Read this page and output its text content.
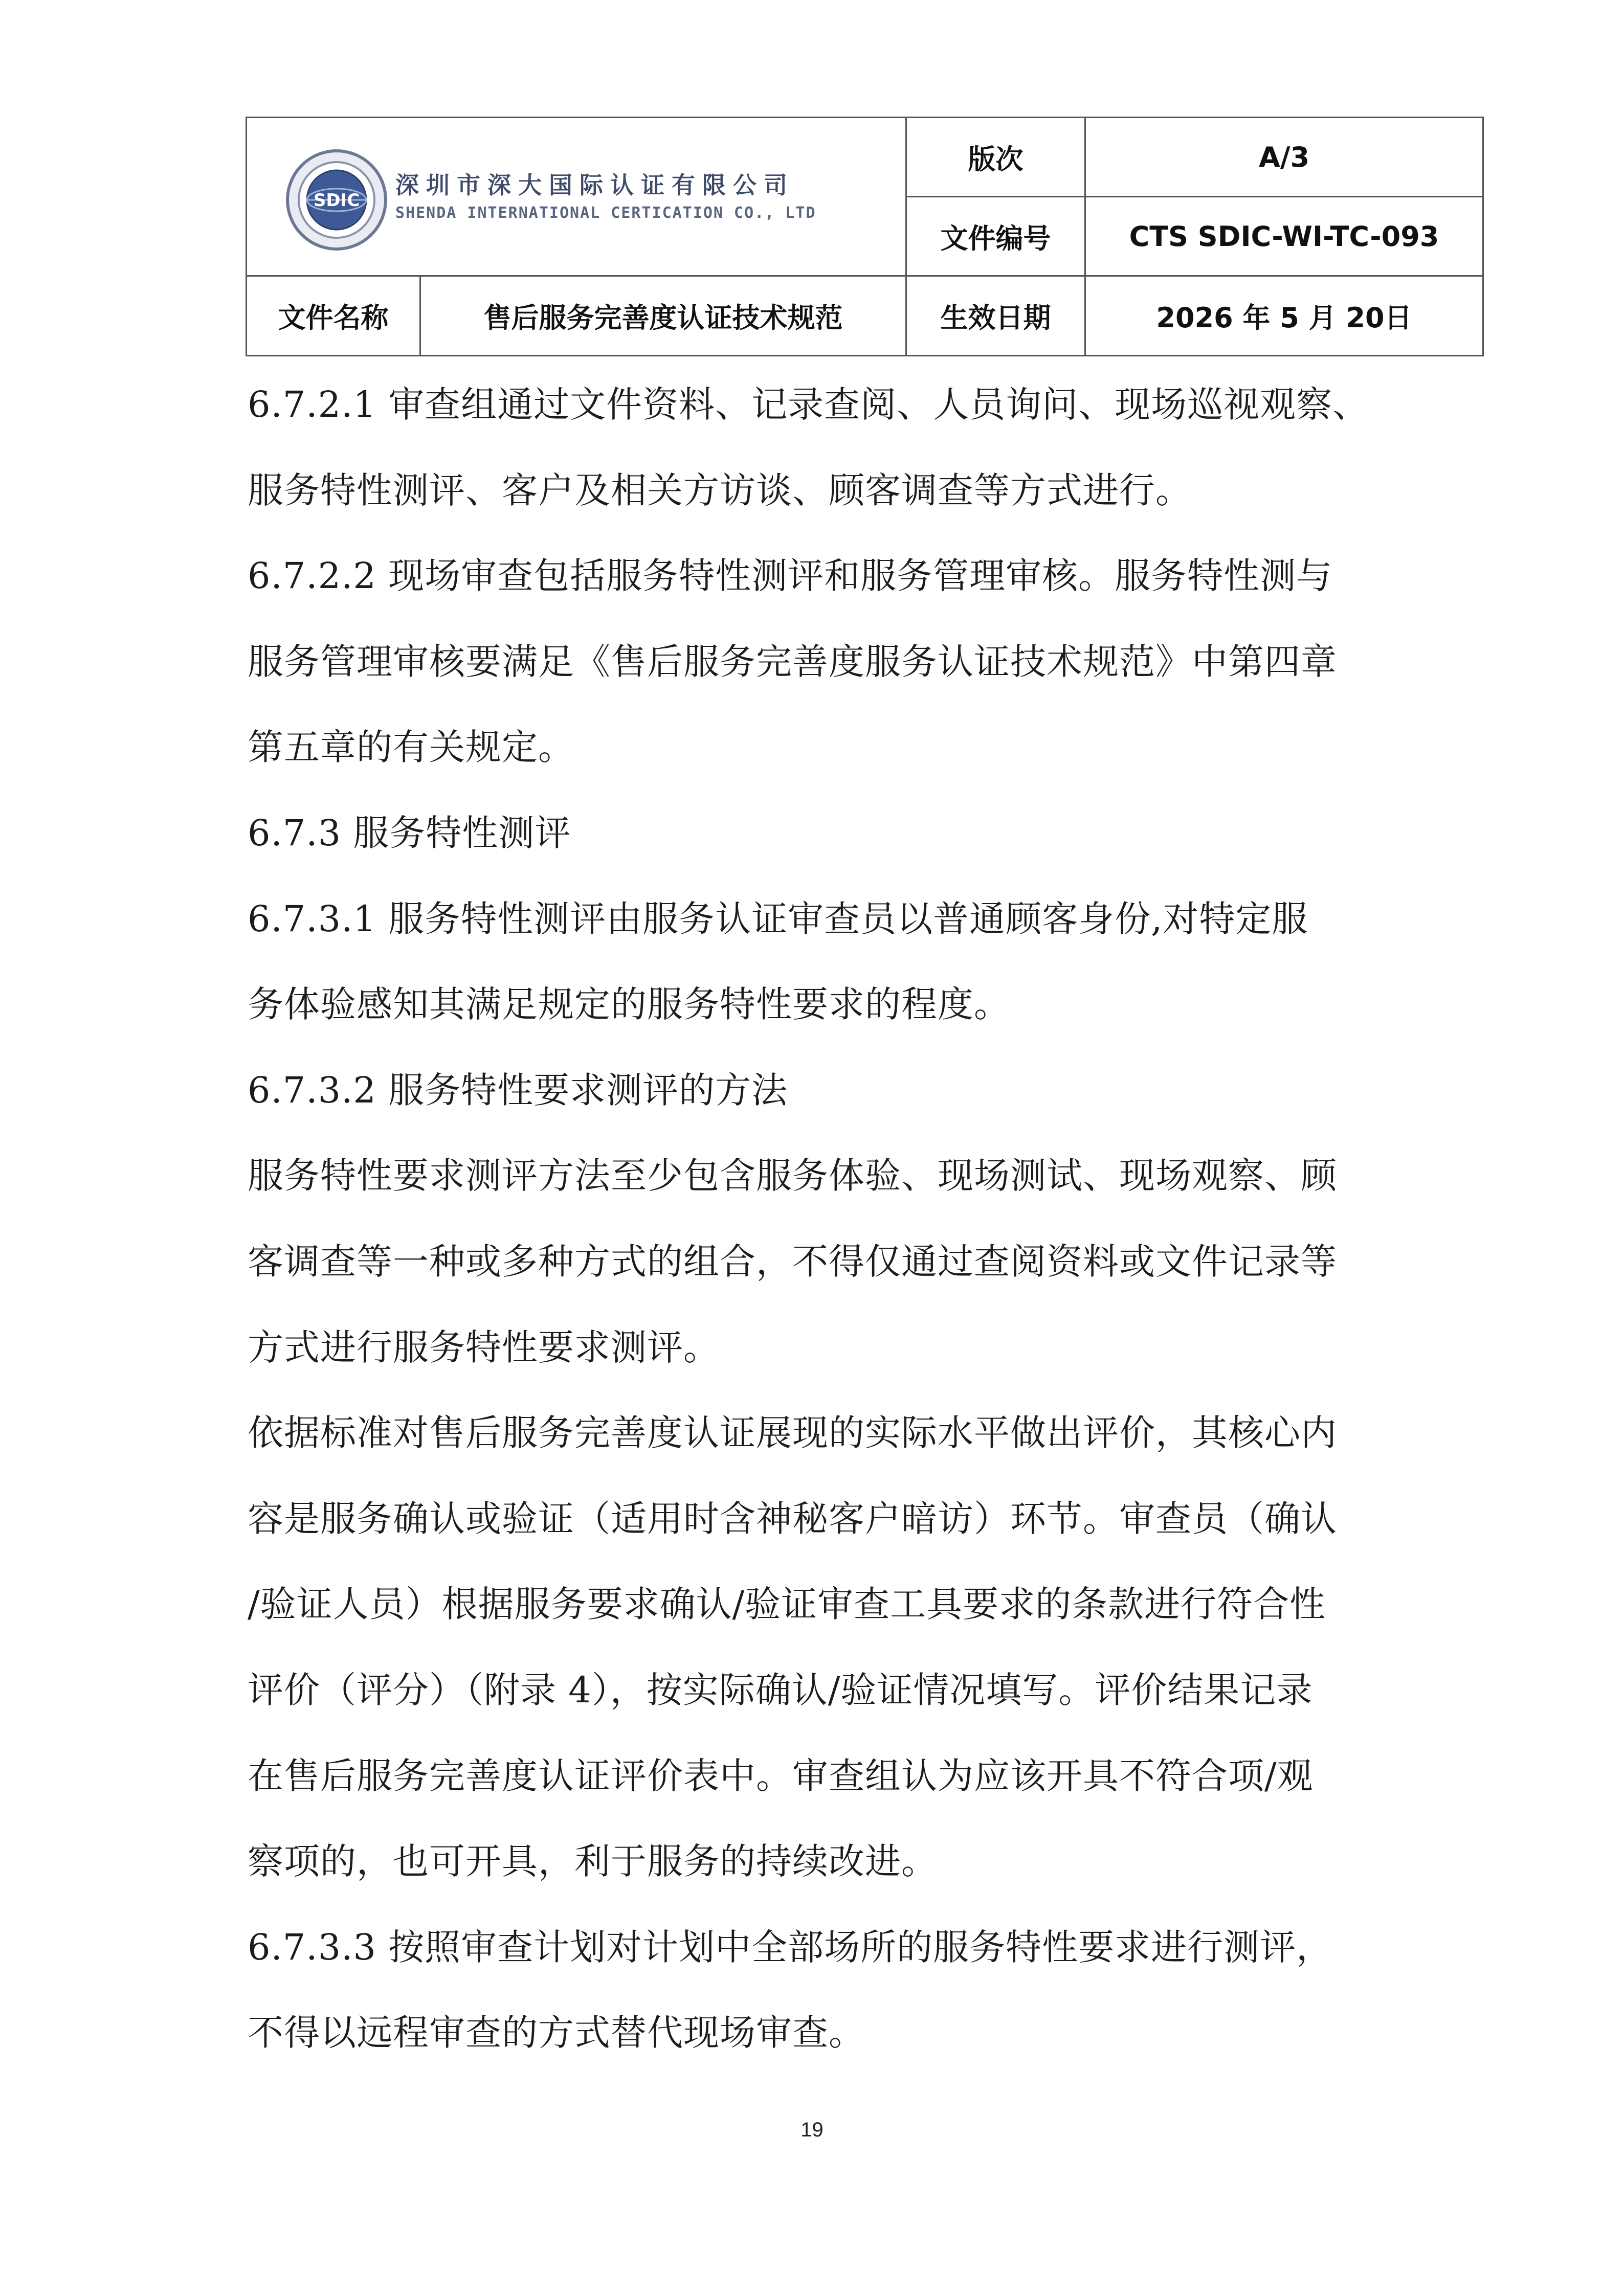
SDIC
深圳市深大国际认证有限公司
SHENDA INTERNATIONAL CERTICATION CO., LTD		版次	A/3
		文件编号	CTS SDIC-WI-TC-093
文件名称	售后服务完善度认证技术规范	生效日期	2026 年 5 月 20日

6.7.2.1 审查组通过文件资料、记录查阅、人员询问、现场巡视观察、

服务特性测评、客户及相关方访谈、顾客调查等方式进行。

6.7.2.2 现场审查包括服务特性测评和服务管理审核。服务特性测与

服务管理审核要满足《售后服务完善度服务认证技术规范》中第四章

第五章的有关规定。

6.7.3 服务特性测评

6.7.3.1 服务特性测评由服务认证审查员以普通顾客身份,对特定服

务体验感知其满足规定的服务特性要求的程度。

6.7.3.2 服务特性要求测评的方法

服务特性要求测评方法至少包含服务体验、现场测试、现场观察、顾

客调查等一种或多种方式的组合，不得仅通过查阅资料或文件记录等

方式进行服务特性要求测评。

依据标准对售后服务完善度认证展现的实际水平做出评价，其核心内

容是服务确认或验证（适用时含神秘客户暗访）环节。审查员（确认

/验证人员）根据服务要求确认/验证审查工具要求的条款进行符合性

评价（评分）（附录 4），按实际确认/验证情况填写。评价结果记录

在售后服务完善度认证评价表中。审查组认为应该开具不符合项/观

察项的，也可开具，利于服务的持续改进。

6.7.3.3 按照审查计划对计划中全部场所的服务特性要求进行测评，

不得以远程审查的方式替代现场审查。

19
